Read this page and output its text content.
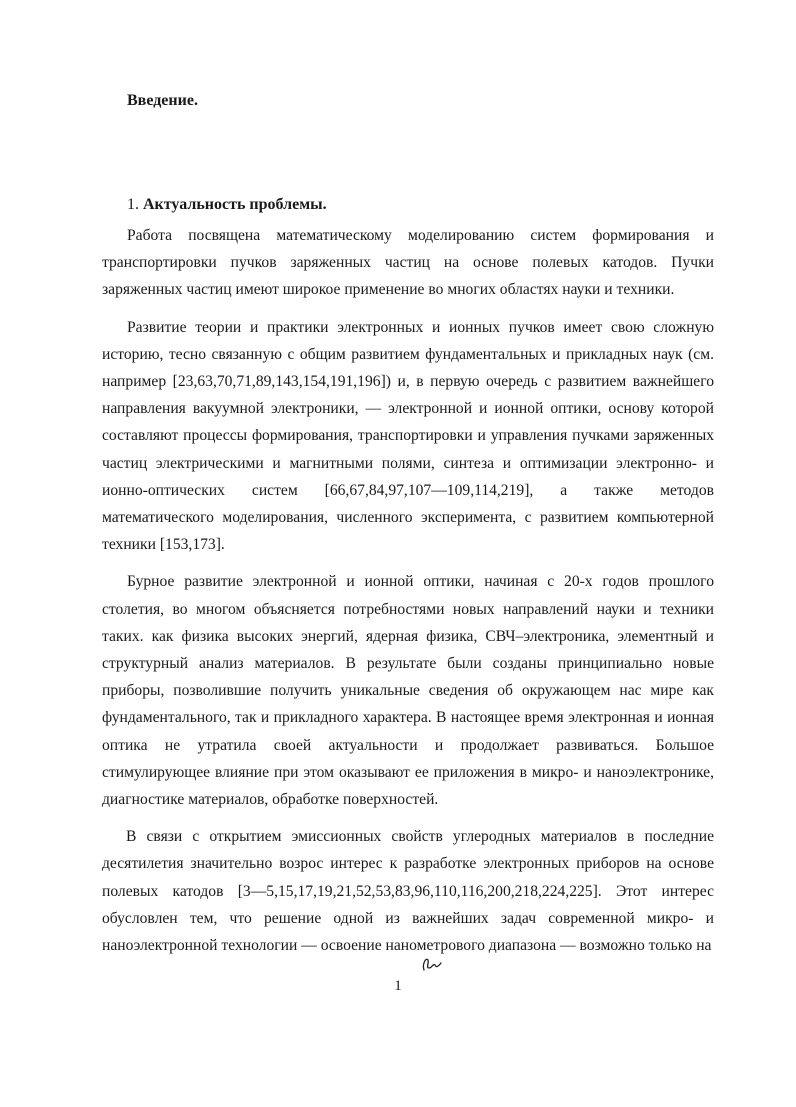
Введение.
1. Актуальность проблемы.

Работа посвящена математическому моделированию систем формирования и транспортировки пучков заряженных частиц на основе полевых катодов. Пучки заряженных частиц имеют широкое применение во многих областях науки и техники.

Развитие теории и практики электронных и ионных пучков имеет свою сложную историю, тесно связанную с общим развитием фундаментальных и прикладных наук (см. например [23,63,70,71,89,143,154,191,196]) и, в первую очередь с развитием важнейшего направления вакуумной электроники, — электронной и ионной оптики, основу которой составляют процессы формирования, транспортировки и управления пучками заряженных частиц электрическими и магнитными полями, синтеза и оптимизации электронно- и ионно-оптических систем [66,67,84,97,107—109,114,219], а также методов математического моделирования, численного эксперимента, с развитием компьютерной техники [153,173].

Бурное развитие электронной и ионной оптики, начиная с 20-х годов прошлого столетия, во многом объясняется потребностями новых направлений науки и техники таких. как физика высоких энергий, ядерная физика, СВЧ–электроника, элементный и структурный анализ материалов. В результате были созданы принципиально новые приборы, позволившие получить уникальные сведения об окружающем нас мире как фундаментального, так и прикладного характера. В настоящее время электронная и ионная оптика не утратила своей актуальности и продолжает развиваться. Большое стимулирующее влияние при этом оказывают ее приложения в микро- и наноэлектронике, диагностике материалов, обработке поверхностей.

В связи с открытием эмиссионных свойств углеродных материалов в последние десятилетия значительно возрос интерес к разработке электронных приборов на основе полевых катодов [3—5,15,17,19,21,52,53,83,96,110,116,200,218,224,225]. Этот интерес обусловлен тем, что решение одной из важнейших задач современной микро- и наноэлектронной технологии — освоение нанометрового диапазона — возможно только на

1
